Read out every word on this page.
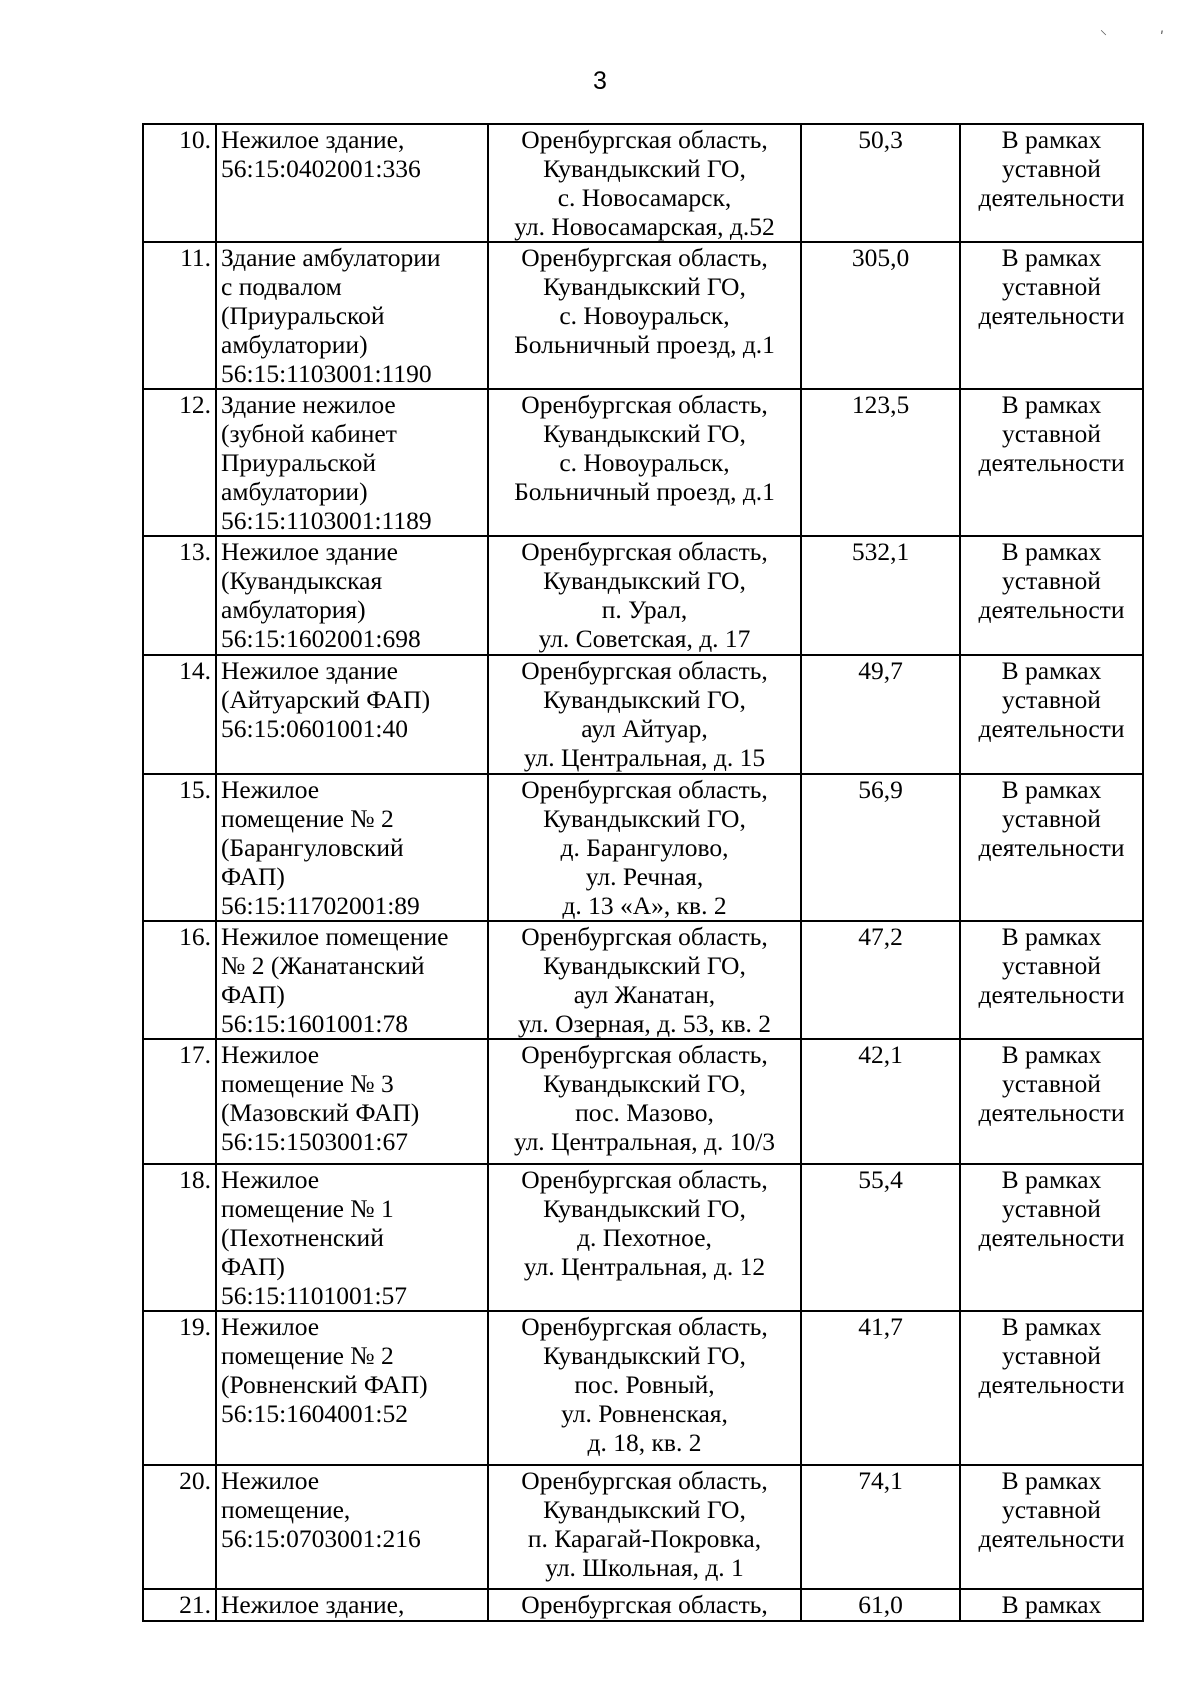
3
⸌	ʹ
10.	Нежилое здание,
56:15:0402001:336	Оренбургская область,
Кувандыкский ГО,
с. Новосамарск,
ул. Новосамарская, д.52	50,3	В рамках
уставной
деятельности

11.	Здание амбулатории
с подвалом
(Приуральской
амбулатории)
56:15:1103001:1190	Оренбургская область,
Кувандыкский ГО,
с. Новоуральск,
Больничный проезд, д.1	305,0	В рамках
уставной
деятельности

12.	Здание нежилое
(зубной кабинет
Приуральской
амбулатории)
56:15:1103001:1189	Оренбургская область,
Кувандыкский ГО,
с. Новоуральск,
Больничный проезд, д.1	123,5	В рамках
уставной
деятельности

13.	Нежилое здание
(Кувандыкская
амбулатория)
56:15:1602001:698	Оренбургская область,
Кувандыкский ГО,
п. Урал,
ул. Советская, д. 17	532,1	В рамках
уставной
деятельности

14.	Нежилое здание
(Айтуарский ФАП)
56:15:0601001:40	Оренбургская область,
Кувандыкский ГО,
аул Айтуар,
ул. Центральная, д. 15	49,7	В рамках
уставной
деятельности

15.	Нежилое
помещение № 2
(Барангуловский
ФАП)
56:15:11702001:89	Оренбургская область,
Кувандыкский ГО,
д. Барангулово,
ул. Речная,
д. 13 «А», кв. 2	56,9	В рамках
уставной
деятельности

16.	Нежилое помещение
№ 2 (Жанатанский
ФАП)
56:15:1601001:78	Оренбургская область,
Кувандыкский ГО,
аул Жанатан,
ул. Озерная, д. 53, кв. 2	47,2	В рамках
уставной
деятельности

17.	Нежилое
помещение № 3
(Мазовский ФАП)
56:15:1503001:67	Оренбургская область,
Кувандыкский ГО,
пос. Мазово,
ул. Центральная, д. 10/3	42,1	В рамках
уставной
деятельности

18.	Нежилое
помещение № 1
(Пехотненский
ФАП)
56:15:1101001:57	Оренбургская область,
Кувандыкский ГО,
д. Пехотное,
ул. Центральная, д. 12	55,4	В рамках
уставной
деятельности

19.	Нежилое
помещение № 2
(Ровненский ФАП)
56:15:1604001:52	Оренбургская область,
Кувандыкский ГО,
пос. Ровный,
ул. Ровненская,
д. 18, кв. 2	41,7	В рамках
уставной
деятельности

20.	Нежилое
помещение,
56:15:0703001:216	Оренбургская область,
Кувандыкский ГО,
п. Карагай-Покровка,
ул. Школьная, д. 1	74,1	В рамках
уставной
деятельности

21.	Нежилое здание,	Оренбургская область,	61,0	В рамках
